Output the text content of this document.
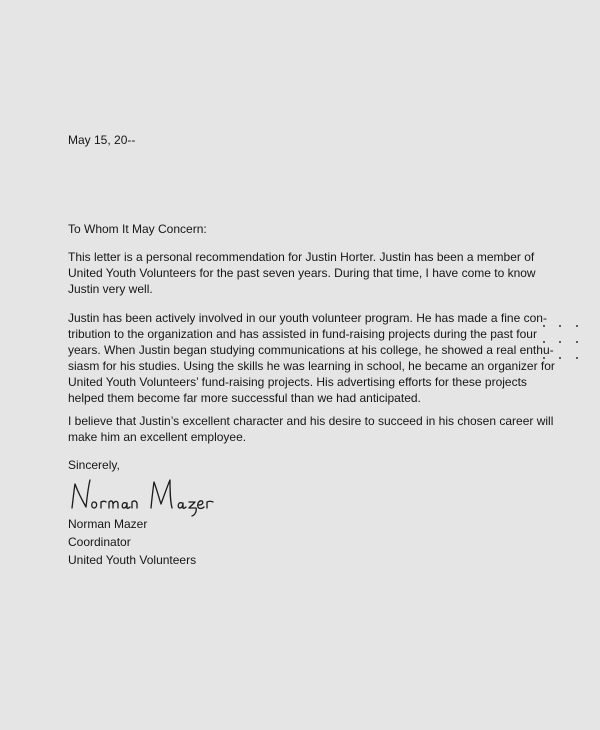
May 15, 20--
To Whom It May Concern:

This letter is a personal recommendation for Justin Horter. Justin has been a member of
United Youth Volunteers for the past seven years. During that time, I have come to know
Justin very well.

Justin has been actively involved in our youth volunteer program. He has made a fine con-
tribution to the organization and has assisted in fund-raising projects during the past four
years. When Justin began studying communications at his college, he showed a real enthu-
siasm for his studies. Using the skills he was learning in school, he became an organizer for
United Youth Volunteers’ fund-raising projects. His advertising efforts for these projects
helped them become far more successful than we had anticipated.

I believe that Justin’s excellent character and his desire to succeed in his chosen career will
make him an excellent employee.

Sincerely,
Norman Mazer
Coordinator
United Youth Volunteers
